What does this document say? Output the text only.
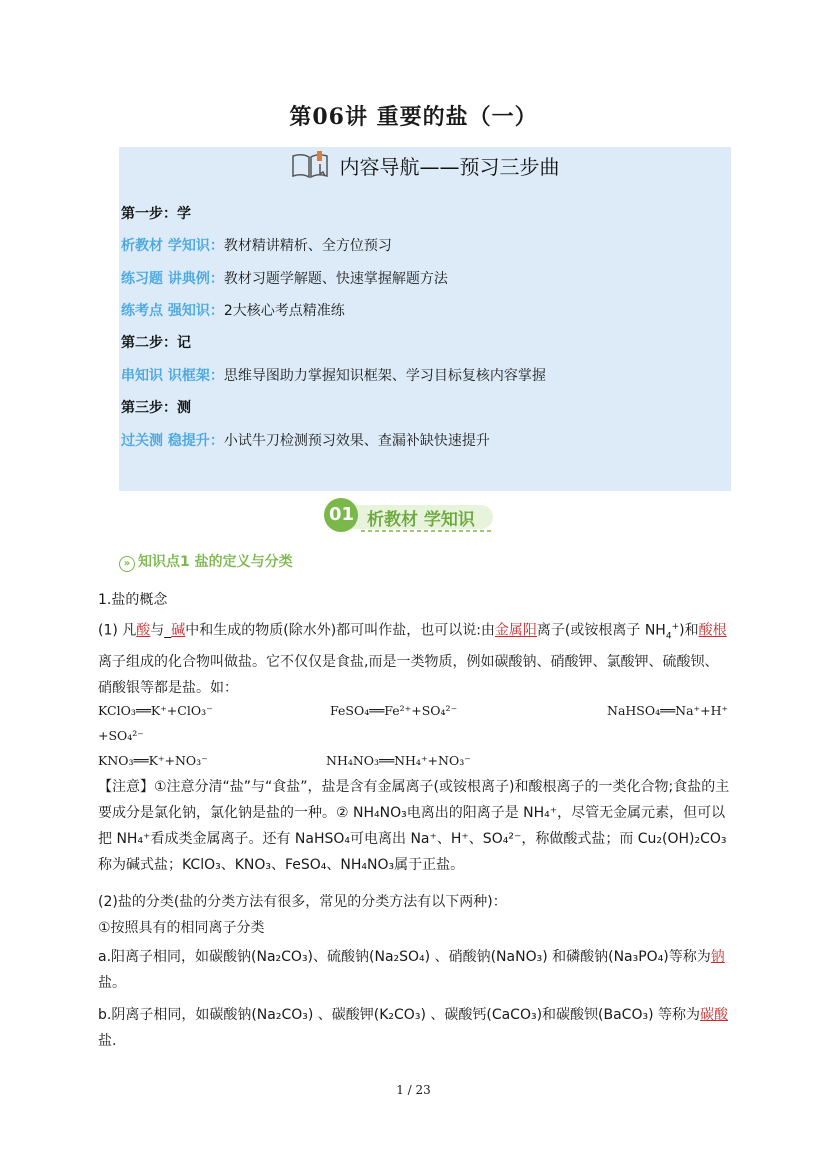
第06讲 重要的盐（一）
内容导航——预习三步曲
第一步：学
析教材 学知识：教材精讲精析、全方位预习
练习题 讲典例：教材习题学解题、快速掌握解题方法
练考点 强知识：2大核心考点精准练
第二步：记
串知识 识框架：思维导图助力掌握知识框架、学习目标复核内容掌握
第三步：测
过关测 稳提升：小试牛刀检测预习效果、查漏补缺快速提升
01 析教材 学知识
» 知识点1 盐的定义与分类
1.盐的概念
(1) 凡酸与_碱中和生成的物质(除水外)都可叫作盐，也可以说:由金属阳离子(或铵根离子 $NH_4^+$)和酸根离子组成的化合物叫做盐。它不仅仅是食盐,而是一类物质，例如碳酸钠、硝酸钾、氯酸钾、硫酸钡、硝酸银等都是盐。如：
KClO₃══K⁺+ClO₃⁻	FeSO₄══Fe²⁺+SO₄²⁻	NaHSO₄══Na⁺+H⁺
+SO₄²⁻
KNO₃══K⁺+NO₃⁻	NH₄NO₃══NH₄⁺+NO₃⁻
【注意】①注意分清“盐”与“食盐”，盐是含有金属离子(或铵根离子)和酸根离子的一类化合物;食盐的主要成分是氯化钠，氯化钠是盐的一种。② NH₄NO₃电离出的阳离子是 NH₄⁺，尽管无金属元素，但可以把 NH₄⁺看成类金属离子。还有 NaHSO₄可电离出 Na⁺、H⁺、SO₄²⁻，称做酸式盐；而 Cu₂(OH)₂CO₃称为碱式盐；KClO₃、KNO₃、FeSO₄、NH₄NO₃属于正盐。
(2)盐的分类(盐的分类方法有很多，常见的分类方法有以下两种)：
①按照具有的相同离子分类
a.阳离子相同，如碳酸钠(Na₂CO₃)、硫酸钠(Na₂SO₄) 、硝酸钠(NaNO₃) 和磷酸钠(Na₃PO₄)等称为钠盐。
b.阴离子相同，如碳酸钠(Na₂CO₃) 、碳酸钾(K₂CO₃) 、碳酸钙(CaCO₃)和碳酸钡(BaCO₃) 等称为碳酸盐.
1 / 23
